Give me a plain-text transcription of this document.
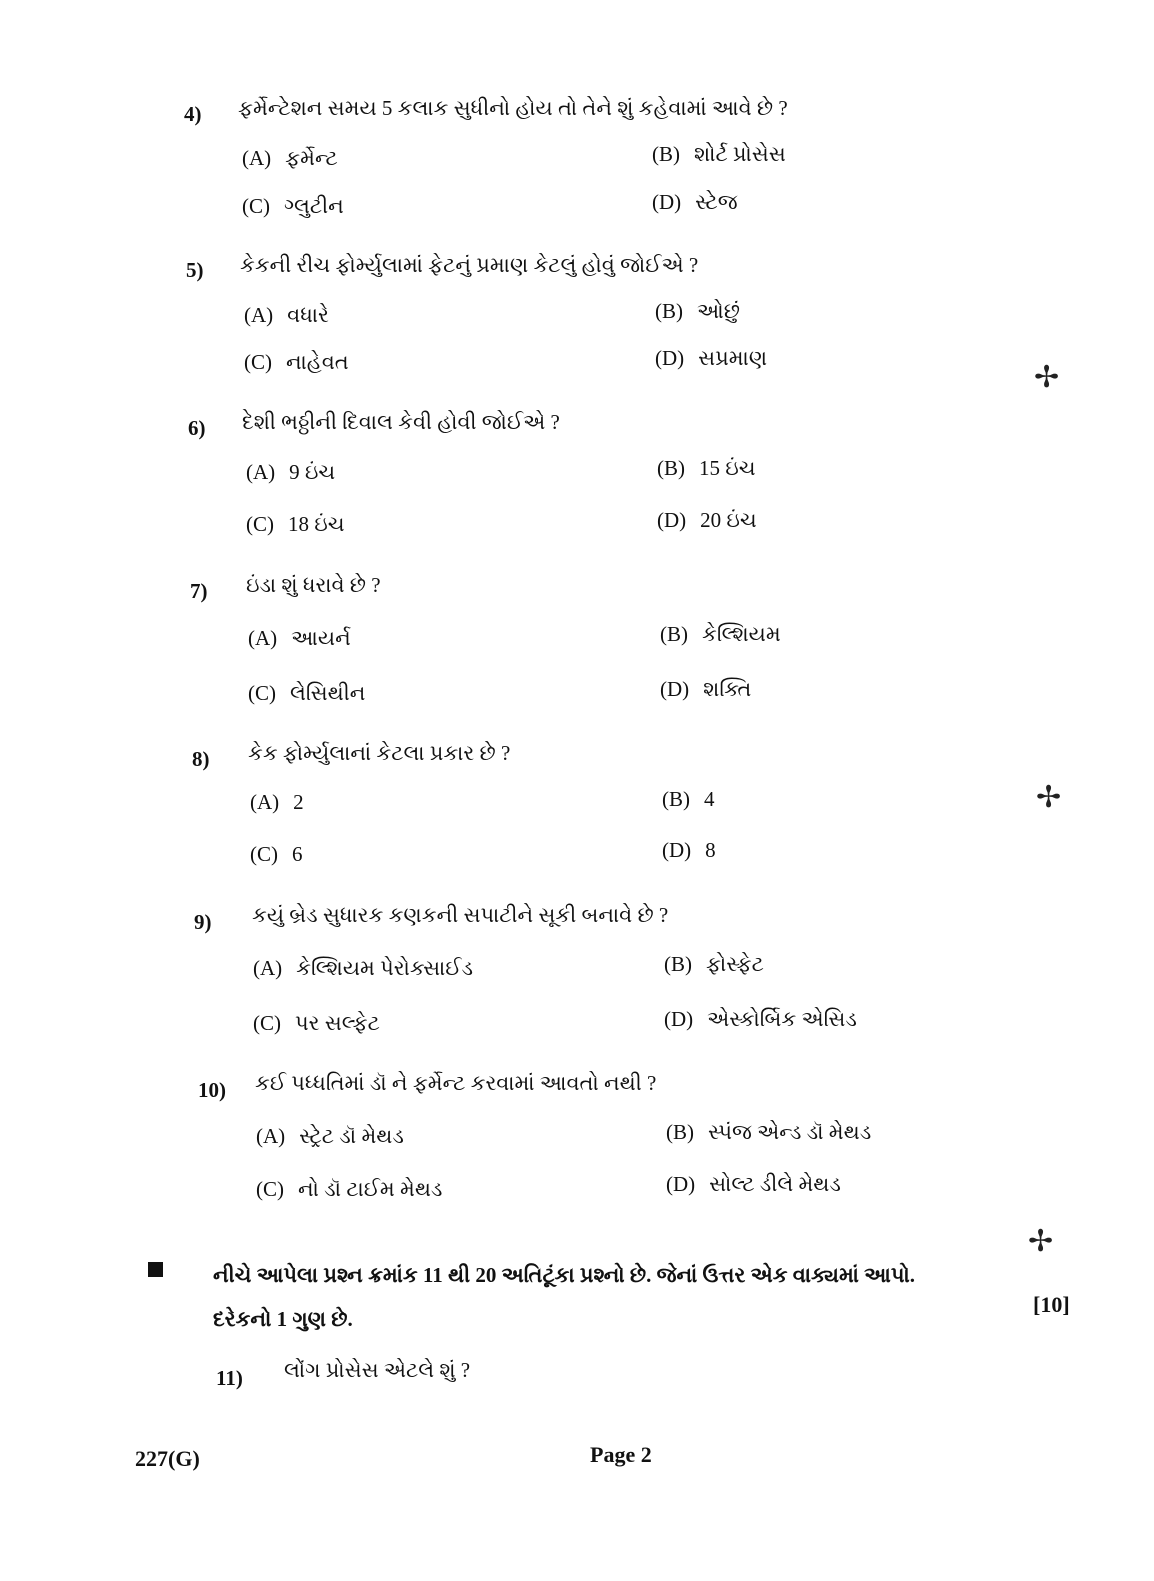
4) ફર્મેન્ટેશન સમય 5 કલાક સુધીનો હોય તો તેને શું કહેવામાં આવે છે ?
(A) ફર્મેન્ટ	(B) શોર્ટ પ્રોસેસ
(C) ગ્લુટીન	(D) સ્ટેજ
5) કેકની રીચ ફોર્મ્યુલામાં ફેટનું પ્રમાણ કેટલું હોવું જોઈએ ?
(A) વધારે	(B) ઓછું
(C) નાહેવત	(D) સપ્રમાણ
6) દેશી ભઠ્ઠીની દિવાલ કેવી હોવી જોઈએ ?
(A) 9 ઇંચ	(B) 15 ઇંચ
(C) 18 ઇંચ	(D) 20 ઇંચ
7) ઇંડા શું ધરાવે છે ?
(A) આયર્ન	(B) કેલ્શિયમ
(C) લેસિથીન	(D) શક્તિ
8) કેક ફોર્મ્યુલાનાં કેટલા પ્રકાર છે ?
(A) 2	(B) 4
(C) 6	(D) 8
9) કયું બ્રેડ સુધારક કણકની સપાટીને સૂકી બનાવે છે ?
(A) કેલ્શિયમ પેરોક્સાઈડ	(B) ફોસ્ફેટ
(C) પર સલ્ફેટ	(D) એસ્કોર્બિક એસિડ
10) કઈ પધ્ધતિમાં ડૉ ને ફર્મેન્ટ કરવામાં આવતો નથી ?
(A) સ્ટ્રેટ ડૉ મેથડ	(B) સ્પંજ એન્ડ ડૉ મેથડ
(C) નો ડૉ ટાઈમ મેથડ	(D) સોલ્ટ ડીલે મેથડ
નીચે આપેલા પ્રશ્ન ક્રમાંક 11 થી 20 અતિટૂંકા પ્રશ્નો છે. જેનાં ઉત્તર એક વાક્યમાં આપો. દરેકનો 1 ગુણ છે.
[10]
11) લોંગ પ્રોસેસ એટલે શું ?
227(G)	Page 2
✢
✢
✢
